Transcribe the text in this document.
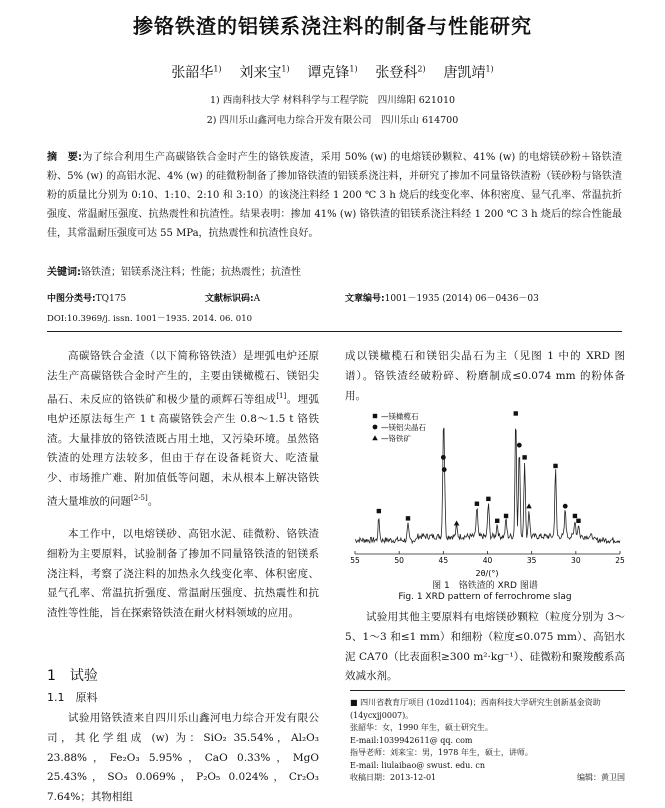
掺铬铁渣的铝镁系浇注料的制备与性能研究
张韶华$^{1)}$ 刘来宝$^{1)}$ 谭克锋$^{1)}$ 张登科$^{2)}$ 唐凯靖$^{1)}$
1) 西南科技大学 材料科学与工程学院　四川绵阳 621010
2) 四川乐山鑫河电力综合开发有限公司　四川乐山 614700
摘　要:为了综合利用生产高碳铬铁合金时产生的铬铁废渣，采用 50% (w) 的电熔镁砂颗粒、41% (w) 的电熔镁砂粉＋铬铁渣粉、5% (w) 的高铝水泥、4% (w) 的硅微粉制备了掺加铬铁渣的铝镁系浇注料，并研究了掺加不同量铬铁渣粉（镁砂粉与铬铁渣粉的质量比分别为 0:10、1:10、2:10 和 3:10）的该浇注料经 1 200 ℃ 3 h 烧后的线变化率、体积密度、显气孔率、常温抗折强度、常温耐压强度、抗热震性和抗渣性。结果表明：掺加 41% (w) 铬铁渣的铝镁系浇注料经 1 200 ℃ 3 h 烧后的综合性能最佳，其常温耐压强度可达 55 MPa，抗热震性和抗渣性良好。
关键词:铬铁渣；铝镁系浇注料；性能；抗热震性；抗渣性
中图分类号:TQ175	文献标识码:A	文章编号:1001－1935 (2014) 06－0436－03
DOI:10.3969/j. issn. 1001－1935. 2014. 06. 010

高碳铬铁合金渣（以下简称铬铁渣）是埋弧电炉还原法生产高碳铬铁合金时产生的，主要由镁橄榄石、镁铝尖晶石、未反应的铬铁矿和极少量的顽辉石等组成[1]。埋弧电炉还原法每生产 1 t 高碳铬铁会产生 0.8～1.5 t 铬铁渣。大量排放的铬铁渣既占用土地，又污染环境。虽然铬铁渣的处理方法较多，但由于存在设备耗资大、吃渣量少、市场推广难、附加值低等问题，未从根本上解决铬铁渣大量堆放的问题[2-5]。

本工作中，以电熔镁砂、高铝水泥、硅微粉、铬铁渣细粉为主要原料，试验制备了掺加不同量铬铁渣的铝镁系浇注料，考察了浇注料的加热永久线变化率、体积密度、显气孔率、常温抗折强度、常温耐压强度、抗热震性和抗渣性等性能，旨在探索铬铁渣在耐火材料领域的应用。

1　试验
1.1　原料

试验用铬铁渣来自四川乐山鑫河电力综合开发有限公司，其化学组成 (w) 为：SiO₂ 35.54%，Al₂O₃ 23.88%，Fe₂O₃ 5.95%，CaO 0.33%，MgO 25.43%，SO₃ 0.069%，P₂O₅ 0.024%，Cr₂O₃ 7.64%；其物相组

成以镁橄榄石和镁铝尖晶石为主（见图 1 中的 XRD 图谱）。铬铁渣经破粉碎、粉磨制成≤0.074 mm 的粉体备用。

—镁橄榄石
—镁铝尖晶石
—铬铁矿
55	50	45	40	35	30	25
2θ/(°)
图 1　铬铁渣的 XRD 图谱
Fig. 1 XRD pattern of ferrochrome slag

试验用其他主要原料有电熔镁砂颗粒（粒度分别为 3～5、1～3 和≤1 mm）和细粉（粒度≤0.075 mm）、高铝水泥 CA70（比表面积≥300 m²·kg⁻¹）、硅微粉和聚羧酸系高效减水剂。

■ 四川省教育厅项目 (10zd1104)；西南科技大学研究生创新基金资助 (14ycxjj0007)。
张韶华：女，1990 年生，硕士研究生。
E-mail:1039942611@ qq. com
指导老师：刘来宝：男，1978 年生，硕士，讲师。
E-mail: liulaibao@ swust. edu. cn
收稿日期：2013-12-01	编辑：黄卫国
